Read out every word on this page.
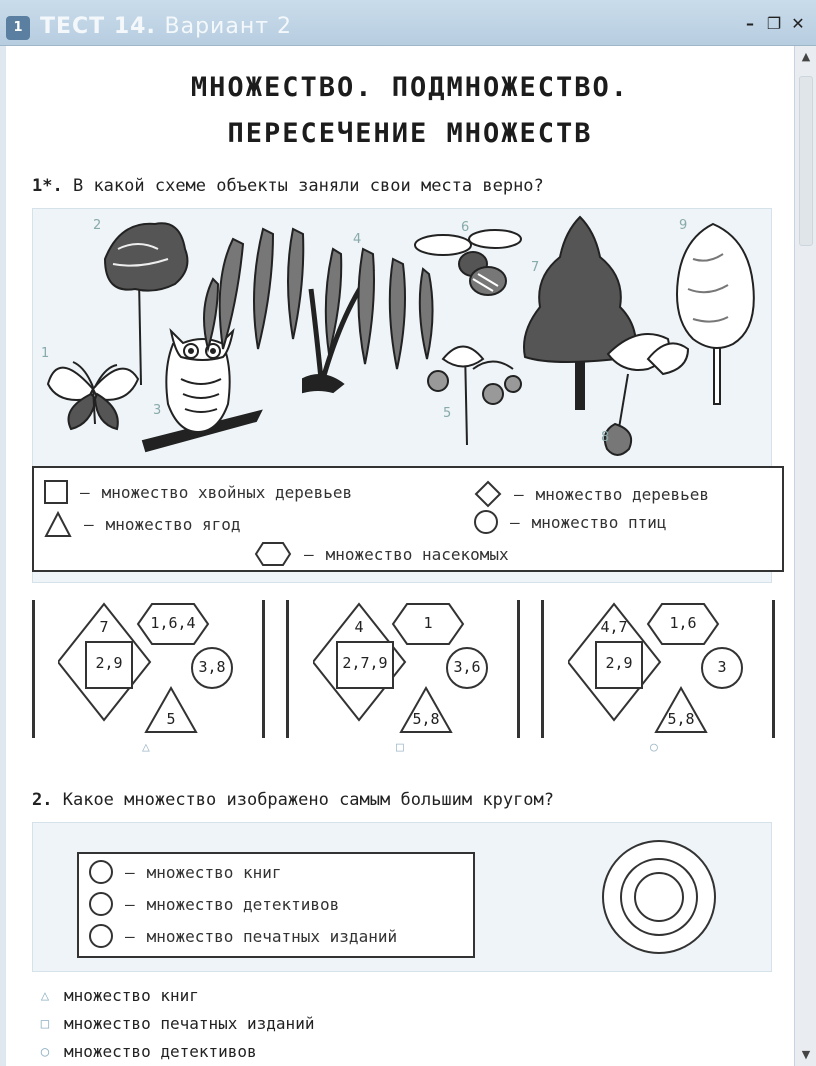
1 ТЕСТ 14. Вариант 2	– ❐ ✕
▲
▼
МНОЖЕСТВО. ПОДМНОЖЕСТВО.
ПЕРЕСЕЧЕНИЕ МНОЖЕСТВ
1*. В какой схеме объекты заняли свои места верно?
1
2
3
4
5
6
7
8
9
— множество хвойных деревьев	— множество деревьев
— множество ягод	— множество птиц
— множество насекомых
7
2,9
1,6,4
3,8
5
4
2,7,9
1
3,6
5,8
4,7
2,9
1,6
3
5,8
△	□	○
2. Какое множество изображено самым большим кругом?
— множество книг
— множество детективов
— множество печатных изданий
△ множество книг
□ множество печатных изданий
○ множество детективов
